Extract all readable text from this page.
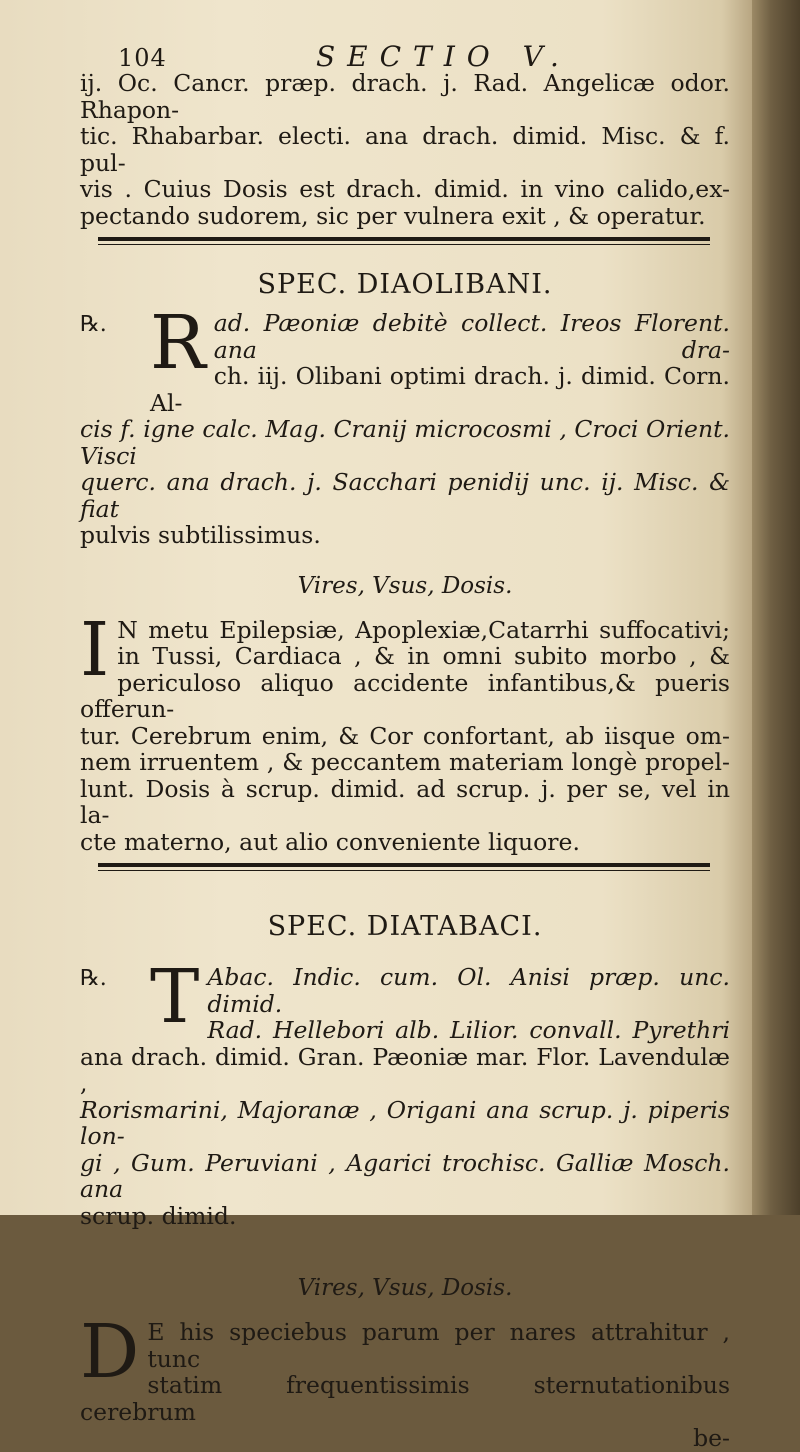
104	SECTIO V.

ij. Oc. Cancr. præp. drach. j. Rad. Angelicæ odor. Rhapon-

tic. Rhabarbar. electi. ana drach. dimid. Misc. & f. pul-

vis . Cuius Dosis est drach. dimid. in vino calido,ex-

pectando sudorem, sic per vulnera exit , & operatur.

SPEC. DIAOLIBANI.
℞. R ad. Pæoniæ debitè collect. Ireos Florent. ana dra-

ch. iij. Olibani optimi drach. j. dimid. Corn. Al-

cis f. igne calc. Mag. Cranij microcosmi , Croci Orient. Visci

querc. ana drach. j. Sacchari penidij unc. ij. Misc. & fiat

pulvis subtilissimus.

Vires, Vsus, Dosis.
I N metu Epilepsiæ, Apoplexiæ,Catarrhi suffocativi;

in Tussi, Cardiaca , & in omni subito morbo , &

periculoso aliquo accidente infantibus,& pueris offerun-

tur. Cerebrum enim, & Cor confortant, ab iisque om-

nem irruentem , & peccantem materiam longè propel-

lunt. Dosis à scrup. dimid. ad scrup. j. per se, vel in la-

cte materno, aut alio conveniente liquore.

SPEC. DIATABACI.
℞. T Abac. Indic. cum. Ol. Anisi præp. unc. dimid.

Rad. Hellebori alb. Lilior. convall. Pyrethri

ana drach. dimid. Gran. Pæoniæ mar. Flor. Lavendulæ ,

Rorismarini, Majoranæ , Origani ana scrup. j. piperis lon-

gi , Gum. Peruviani , Agarici trochisc. Galliæ Mosch. ana

scrup. dimid.

Vires, Vsus, Dosis.
D E his speciebus parum per nares attrahitur , tunc

statim frequentissimis sternutationibus cerebrum

be-
